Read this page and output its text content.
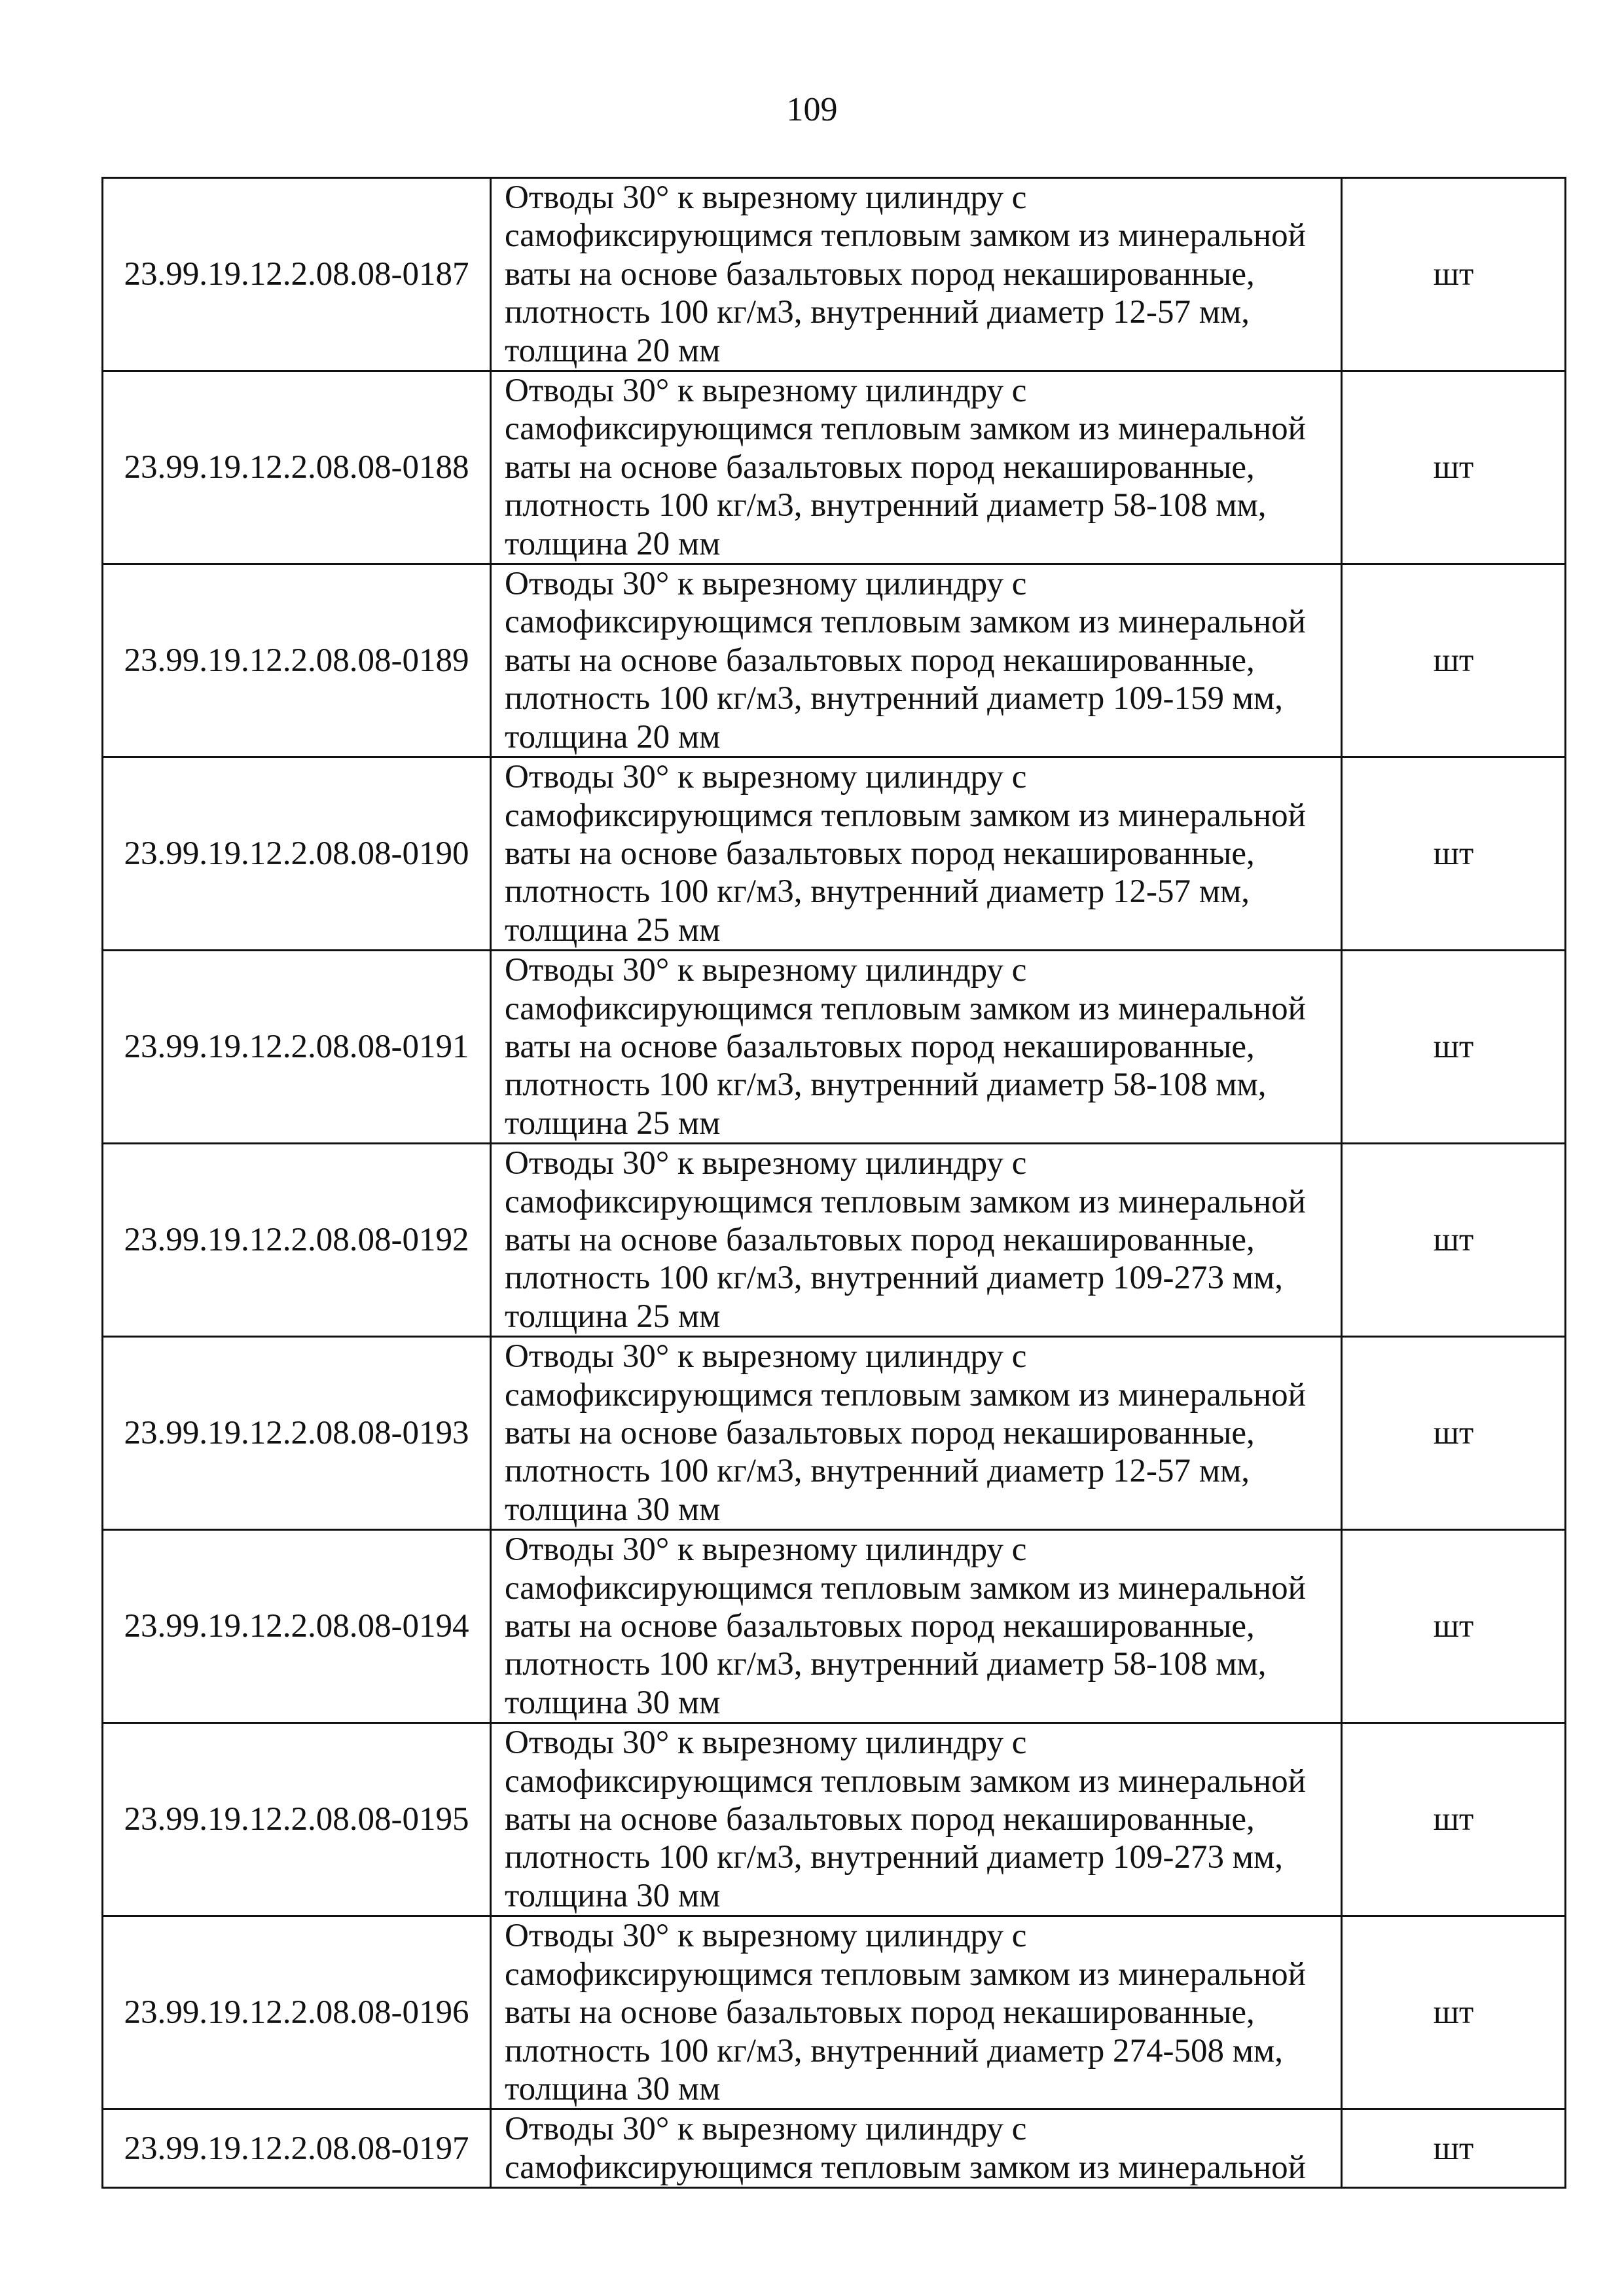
109
23.99.19.12.2.08.08-0187	Отводы 30° к вырезному цилиндру с
самофиксирующимся тепловым замком из минеральной
ваты на основе базальтовых пород некашированные,
плотность 100 кг/м3, внутренний диаметр 12-57 мм,
толщина 20 мм	шт
23.99.19.12.2.08.08-0188	Отводы 30° к вырезному цилиндру с
самофиксирующимся тепловым замком из минеральной
ваты на основе базальтовых пород некашированные,
плотность 100 кг/м3, внутренний диаметр 58-108 мм,
толщина 20 мм	шт
23.99.19.12.2.08.08-0189	Отводы 30° к вырезному цилиндру с
самофиксирующимся тепловым замком из минеральной
ваты на основе базальтовых пород некашированные,
плотность 100 кг/м3, внутренний диаметр 109-159 мм,
толщина 20 мм	шт
23.99.19.12.2.08.08-0190	Отводы 30° к вырезному цилиндру с
самофиксирующимся тепловым замком из минеральной
ваты на основе базальтовых пород некашированные,
плотность 100 кг/м3, внутренний диаметр 12-57 мм,
толщина 25 мм	шт
23.99.19.12.2.08.08-0191	Отводы 30° к вырезному цилиндру с
самофиксирующимся тепловым замком из минеральной
ваты на основе базальтовых пород некашированные,
плотность 100 кг/м3, внутренний диаметр 58-108 мм,
толщина 25 мм	шт
23.99.19.12.2.08.08-0192	Отводы 30° к вырезному цилиндру с
самофиксирующимся тепловым замком из минеральной
ваты на основе базальтовых пород некашированные,
плотность 100 кг/м3, внутренний диаметр 109-273 мм,
толщина 25 мм	шт
23.99.19.12.2.08.08-0193	Отводы 30° к вырезному цилиндру с
самофиксирующимся тепловым замком из минеральной
ваты на основе базальтовых пород некашированные,
плотность 100 кг/м3, внутренний диаметр 12-57 мм,
толщина 30 мм	шт
23.99.19.12.2.08.08-0194	Отводы 30° к вырезному цилиндру с
самофиксирующимся тепловым замком из минеральной
ваты на основе базальтовых пород некашированные,
плотность 100 кг/м3, внутренний диаметр 58-108 мм,
толщина 30 мм	шт
23.99.19.12.2.08.08-0195	Отводы 30° к вырезному цилиндру с
самофиксирующимся тепловым замком из минеральной
ваты на основе базальтовых пород некашированные,
плотность 100 кг/м3, внутренний диаметр 109-273 мм,
толщина 30 мм	шт
23.99.19.12.2.08.08-0196	Отводы 30° к вырезному цилиндру с
самофиксирующимся тепловым замком из минеральной
ваты на основе базальтовых пород некашированные,
плотность 100 кг/м3, внутренний диаметр 274-508 мм,
толщина 30 мм	шт
23.99.19.12.2.08.08-0197	Отводы 30° к вырезному цилиндру с
самофиксирующимся тепловым замком из минеральной	шт
